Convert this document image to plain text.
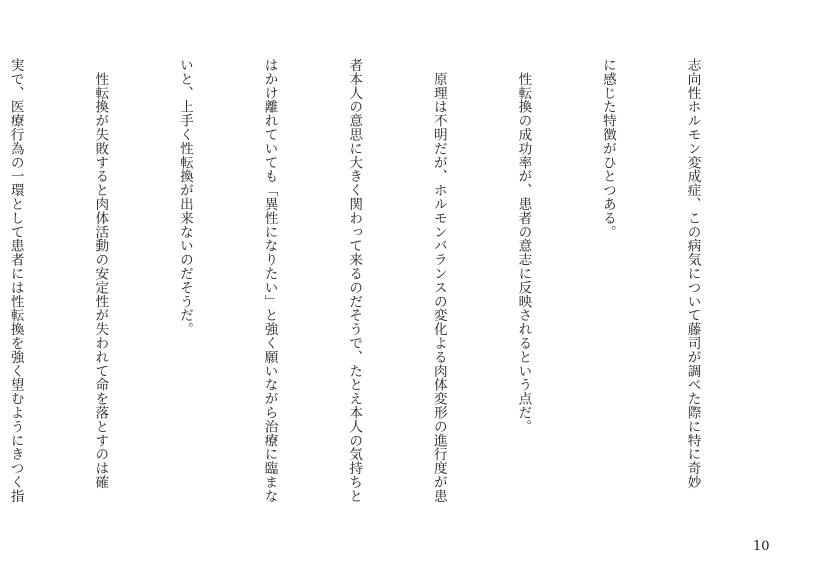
志向性ホルモン変成症、この病気について藤司が調べた際に特に奇妙

に感じた特徴がひとつある。

　性転換の成功率が、患者の意志に反映されるという点だ。

　原理は不明だが、ホルモンバランスの変化よる肉体変形の進行度が患

者本人の意思に大きく関わって来るのだそうで、たとえ本人の気持ちと

はかけ離れていても「異性になりたい」と強く願いながら治療に臨まな

いと、上手く性転換が出来ないのだそうだ。

　性転換が失敗すると肉体活動の安定性が失われて命を落とすのは確

実で、医療行為の一環として患者には性転換を強く望むようにきつく指

10
